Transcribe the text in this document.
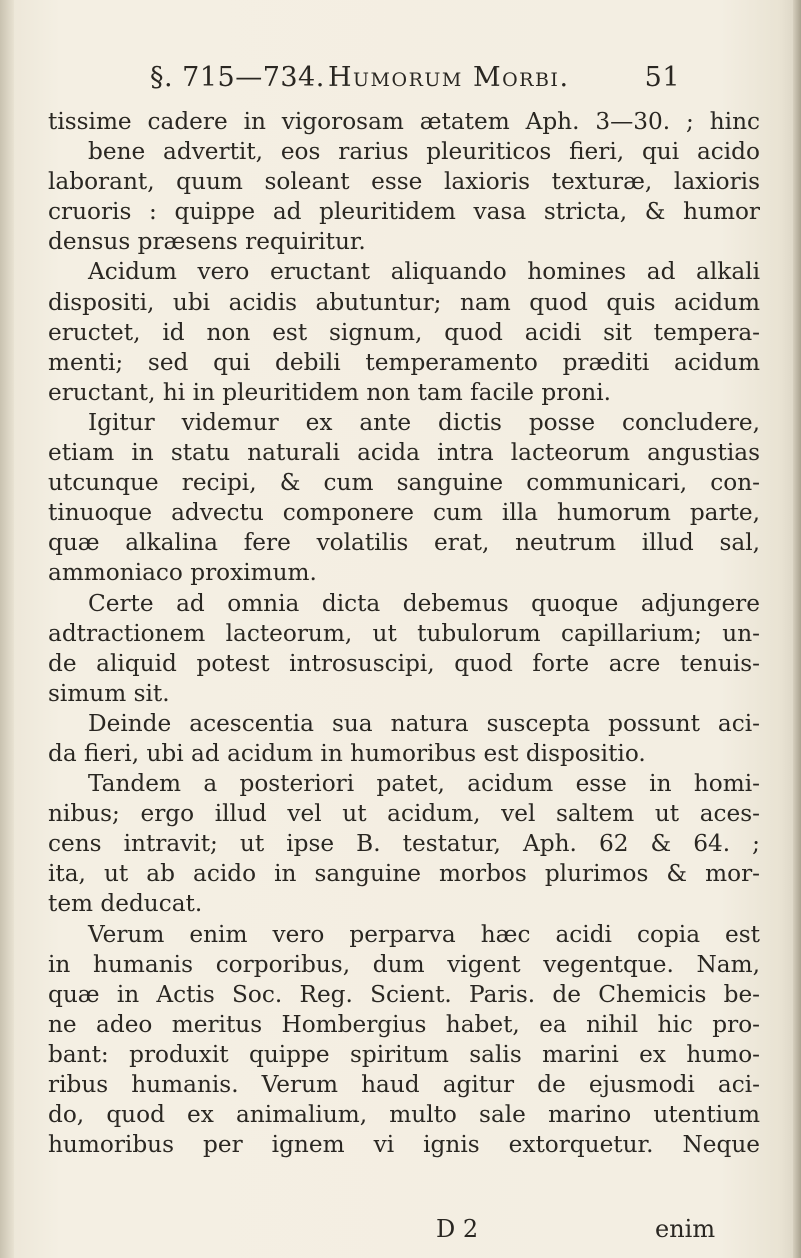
§. 715—734. Humorum Morbi.	51
tissime cadere in vigorosam ætatem Aph. 3—30. ; hinc
bene advertit, eos rarius pleuriticos fieri, qui acido
laborant, quum soleant esse laxioris texturæ, laxioris
cruoris : quippe ad pleuritidem vasa stricta, & humor
densus præsens requiritur.
Acidum vero eructant aliquando homines ad alkali
dispositi, ubi acidis abutuntur; nam quod quis acidum
eructet, id non est signum, quod acidi sit tempera-
menti; sed qui debili temperamento præditi acidum
eructant, hi in pleuritidem non tam facile proni.
Igitur videmur ex ante dictis posse concludere,
etiam in statu naturali acida intra lacteorum angustias
utcunque recipi, & cum sanguine communicari, con-
tinuoque advectu componere cum illa humorum parte,
quæ alkalina fere volatilis erat, neutrum illud sal,
ammoniaco proximum.
Certe ad omnia dicta debemus quoque adjungere
adtractionem lacteorum, ut tubulorum capillarium; un-
de aliquid potest introsuscipi, quod forte acre tenuis-
simum sit.
Deinde acescentia sua natura suscepta possunt aci-
da fieri, ubi ad acidum in humoribus est dispositio.
Tandem a posteriori patet, acidum esse in homi-
nibus; ergo illud vel ut acidum, vel saltem ut aces-
cens intravit; ut ipse B. testatur, Aph. 62 & 64. ;
ita, ut ab acido in sanguine morbos plurimos & mor-
tem deducat.
Verum enim vero perparva hæc acidi copia est
in humanis corporibus, dum vigent vegentque. Nam,
quæ in Actis Soc. Reg. Scient. Paris. de Chemicis be-
ne adeo meritus Hombergius habet, ea nihil hic pro-
bant: produxit quippe spiritum salis marini ex humo-
ribus humanis. Verum haud agitur de ejusmodi aci-
do, quod ex animalium, multo sale marino utentium
humoribus per ignem vi ignis extorquetur. Neque
D 2	enim
